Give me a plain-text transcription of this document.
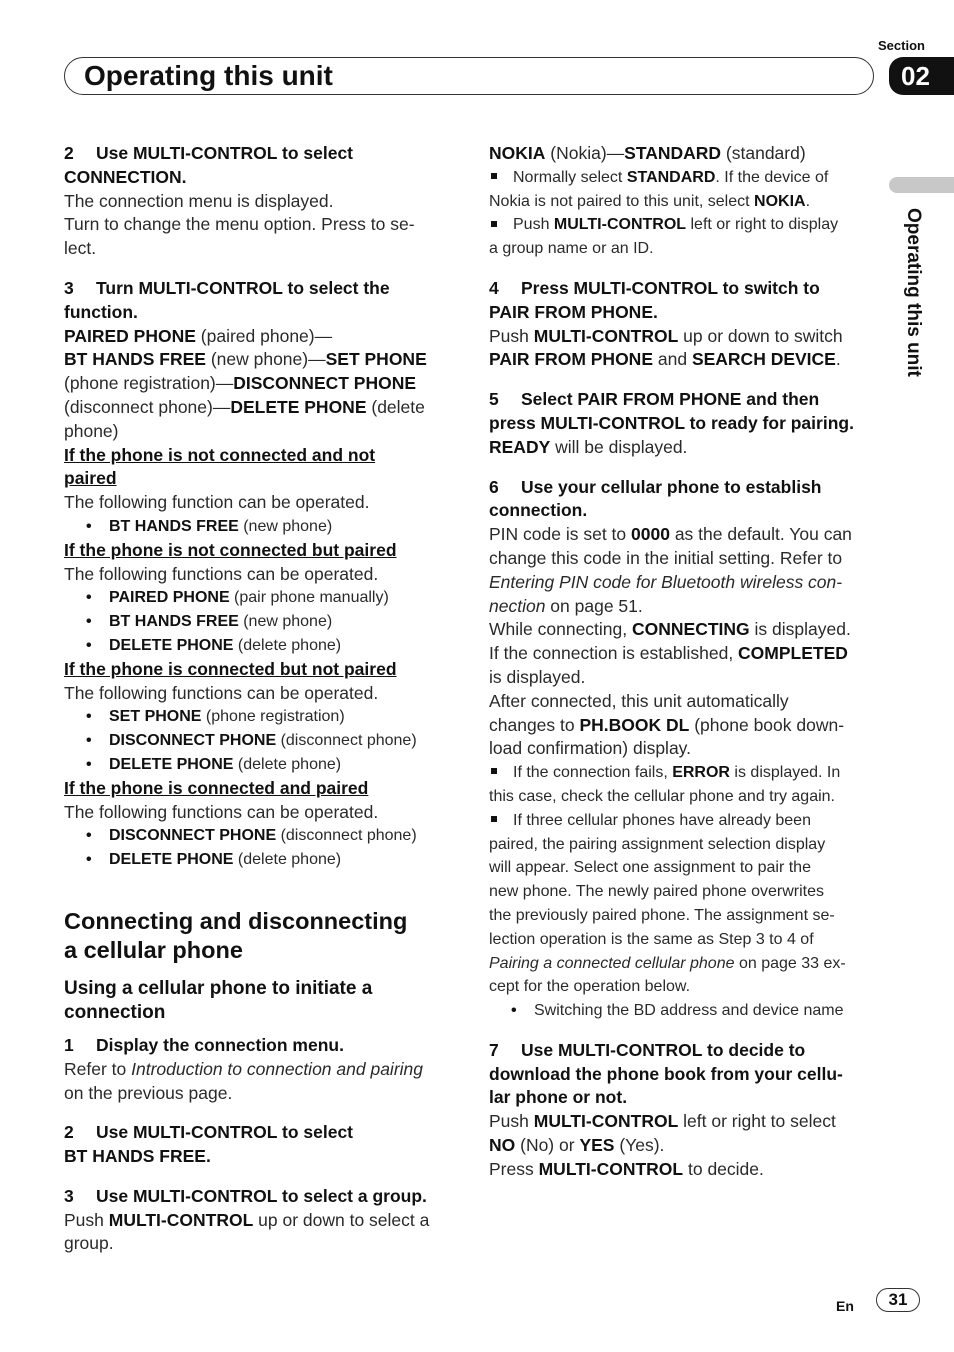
Section
Operating this unit	02
Operating this unit

2 Use MULTI-CONTROL to select

CONNECTION.

The connection menu is displayed.

Turn to change the menu option. Press to se-

lect.

3 Turn MULTI-CONTROL to select the

function.

PAIRED PHONE (paired phone)—

BT HANDS FREE (new phone)—SET PHONE

(phone registration)—DISCONNECT PHONE

(disconnect phone)—DELETE PHONE (delete

phone)

If the phone is not connected and not

paired

The following function can be operated.

• BT HANDS FREE (new phone)

If the phone is not connected but paired

The following functions can be operated.

• PAIRED PHONE (pair phone manually)
• BT HANDS FREE (new phone)
• DELETE PHONE (delete phone)

If the phone is connected but not paired

The following functions can be operated.

• SET PHONE (phone registration)
• DISCONNECT PHONE (disconnect phone)
• DELETE PHONE (delete phone)

If the phone is connected and paired

The following functions can be operated.

• DISCONNECT PHONE (disconnect phone)
• DELETE PHONE (delete phone)

Connecting and disconnecting

a cellular phone

Using a cellular phone to initiate a

connection

1 Display the connection menu.

Refer to Introduction to connection and pairing

on the previous page.

2 Use MULTI-CONTROL to select

BT HANDS FREE.

3 Use MULTI-CONTROL to select a group.

Push MULTI-CONTROL up or down to select a

group.

NOKIA (Nokia)—STANDARD (standard)

Normally select STANDARD. If the device of

Nokia is not paired to this unit, select NOKIA.

Push MULTI-CONTROL left or right to display

a group name or an ID.

4 Press MULTI-CONTROL to switch to

PAIR FROM PHONE.

Push MULTI-CONTROL up or down to switch

PAIR FROM PHONE and SEARCH DEVICE.

5 Select PAIR FROM PHONE and then

press MULTI-CONTROL to ready for pairing.

READY will be displayed.

6 Use your cellular phone to establish

connection.

PIN code is set to 0000 as the default. You can

change this code in the initial setting. Refer to

Entering PIN code for Bluetooth wireless con-

nection on page 51.

While connecting, CONNECTING is displayed.

If the connection is established, COMPLETED

is displayed.

After connected, this unit automatically

changes to PH.BOOK DL (phone book down-

load confirmation) display.

If the connection fails, ERROR is displayed. In

this case, check the cellular phone and try again.

If three cellular phones have already been

paired, the pairing assignment selection display

will appear. Select one assignment to pair the

new phone. The newly paired phone overwrites

the previously paired phone. The assignment se-

lection operation is the same as Step 3 to 4 of

Pairing a connected cellular phone on page 33 ex-

cept for the operation below.

• Switching the BD address and device name

7 Use MULTI-CONTROL to decide to

download the phone book from your cellu-

lar phone or not.

Push MULTI-CONTROL left or right to select

NO (No) or YES (Yes).

Press MULTI-CONTROL to decide.

En	31
